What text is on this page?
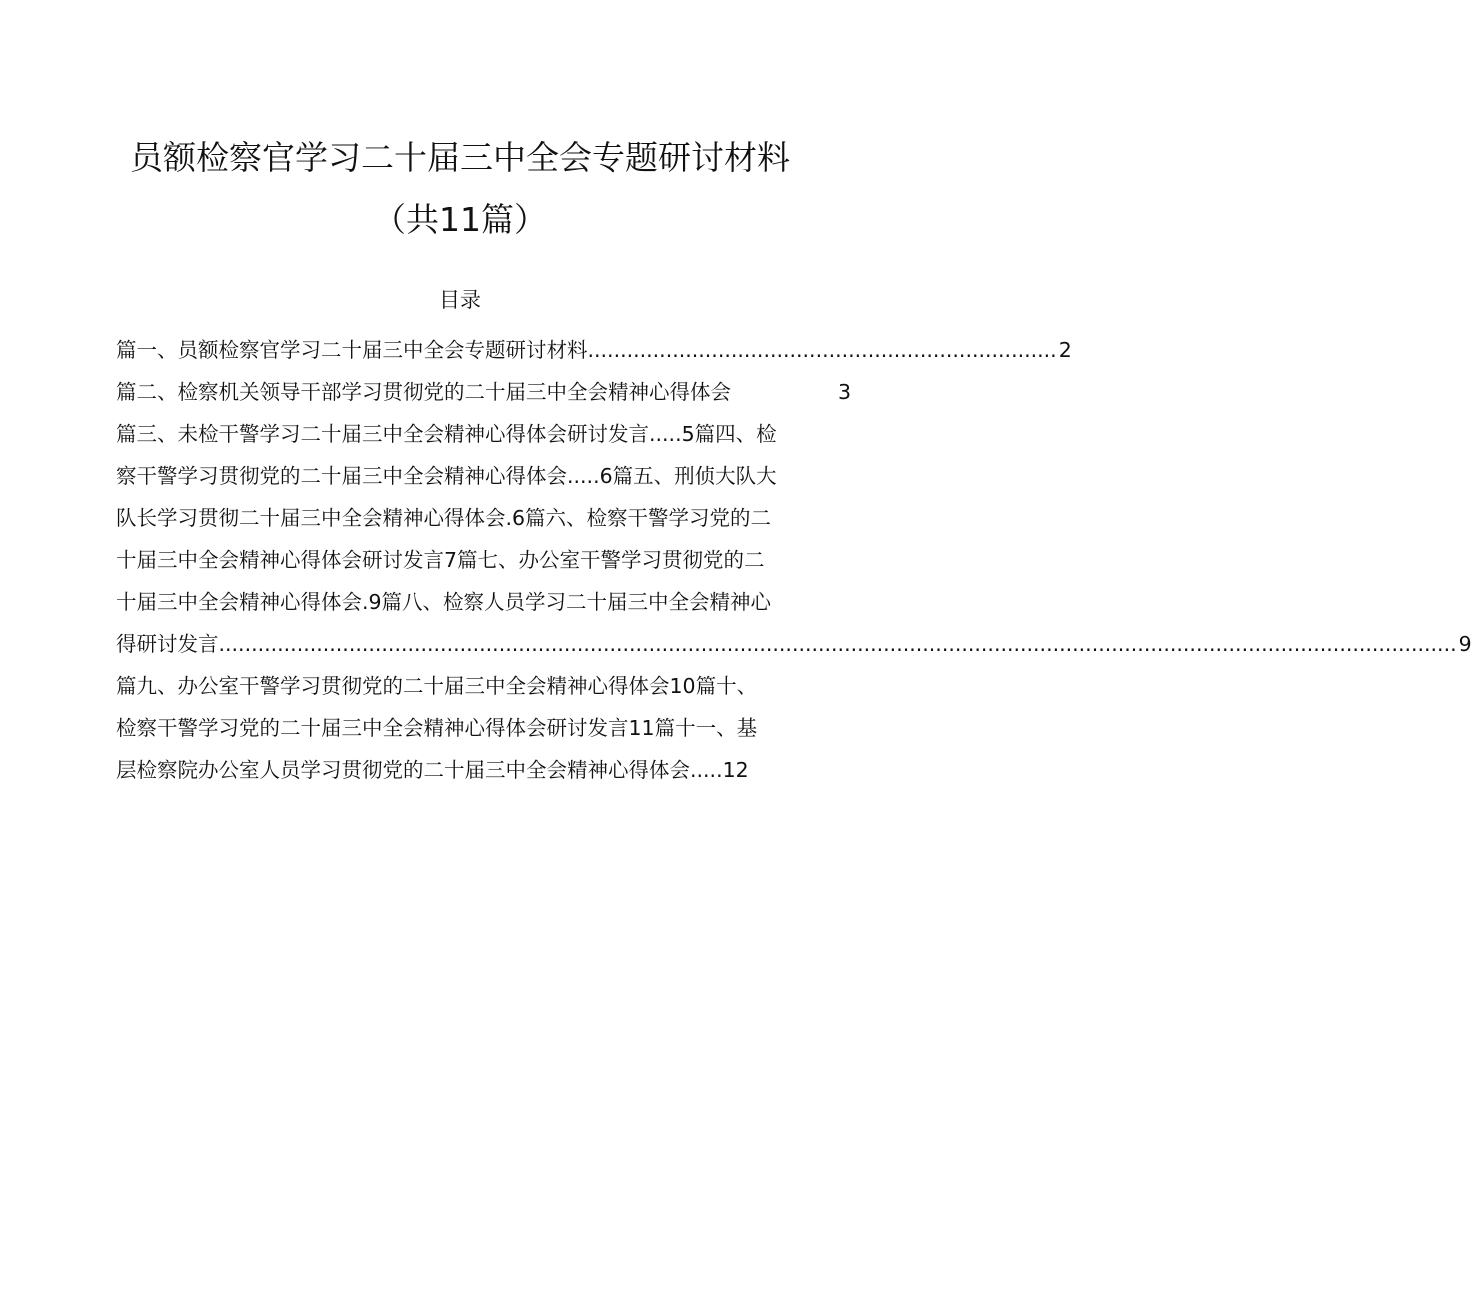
员额检察官学习二十届三中全会专题研讨材料
（共11篇）
目录
篇一、员额检察官学习二十届三中全会专题研讨材料 ........................................................................ 2
篇二、检察机关领导干部学习贯彻党的二十届三中全会精神心得体会	3
篇三、未检干警学习二十届三中全会精神心得体会研讨发言.....5篇四、检
察干警学习贯彻党的二十届三中全会精神心得体会.....6篇五、刑侦大队大
队长学习贯彻二十届三中全会精神心得体会.6篇六、检察干警学习党的二
十届三中全会精神心得体会研讨发言7篇七、办公室干警学习贯彻党的二
十届三中全会精神心得体会.9篇八、检察人员学习二十届三中全会精神心
得研讨发言 .............................................................................................................................................................................................. 9
篇九、办公室干警学习贯彻党的二十届三中全会精神心得体会10篇十、
检察干警学习党的二十届三中全会精神心得体会研讨发言11篇十一、基
层检察院办公室人员学习贯彻党的二十届三中全会精神心得体会.....12
